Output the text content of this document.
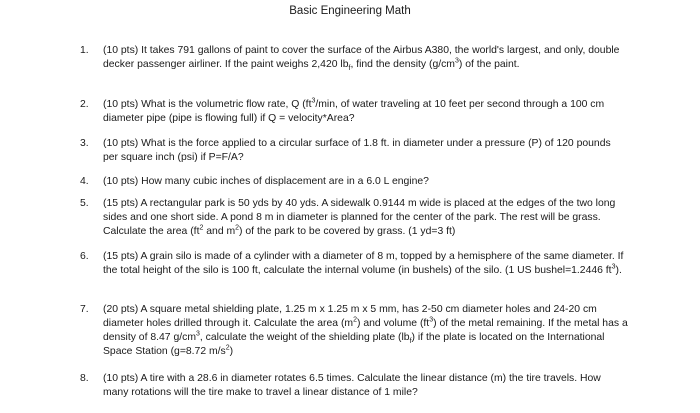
Basic Engineering Math
1.	(10 pts) It takes 791 gallons of paint to cover the surface of the Airbus A380, the world's largest, and only, double decker passenger airliner. If the paint weighs 2,420 $lb_f$, find the density $(g/cm^3)$ of the paint.
2.	(10 pts) What is the volumetric flow rate, Q ($ft^3/\min$, of water traveling at 10 feet per second through a 100 cm diameter pipe (pipe is flowing full) if Q = velocity*Area?
3.	(10 pts) What is the force applied to a circular surface of 1.8 ft. in diameter under a pressure (P) of 120 pounds per square inch (psi) if P=F/A?
4.	(10 pts) How many cubic inches of displacement are in a 6.0 L engine?
5.	(15 pts) A rectangular park is 50 yds by 40 yds. A sidewalk 0.9144 m wide is placed at the edges of the two long sides and one short side. A pond 8 m in diameter is planned for the center of the park. The rest will be grass. Calculate the area ($ft^2$ and $m^2$) of the park to be covered by grass. (1 yd=3 ft)
6.	(15 pts) A grain silo is made of a cylinder with a diameter of 8 m, topped by a hemisphere of the same diameter. If the total height of the silo is 100 ft, calculate the internal volume (in bushels) of the silo. (1 US bushel=1.2446 $ft^3$).
7.	(20 pts) A square metal shielding plate, 1.25 m x 1.25 m x 5 mm, has 2-50 cm diameter holes and 24-20 cm diameter holes drilled through it. Calculate the area $(m^2)$ and volume $(ft^3)$ of the metal remaining. If the metal has a density of 8.47 $g/cm^3$, calculate the weight of the shielding plate $(lb_f)$ if the plate is located on the International Space Station (g=8.72 $m/s^2$)
8.	(10 pts) A tire with a 28.6 in diameter rotates 6.5 times. Calculate the linear distance (m) the tire travels. How many rotations will the tire make to travel a linear distance of 1 mile?
